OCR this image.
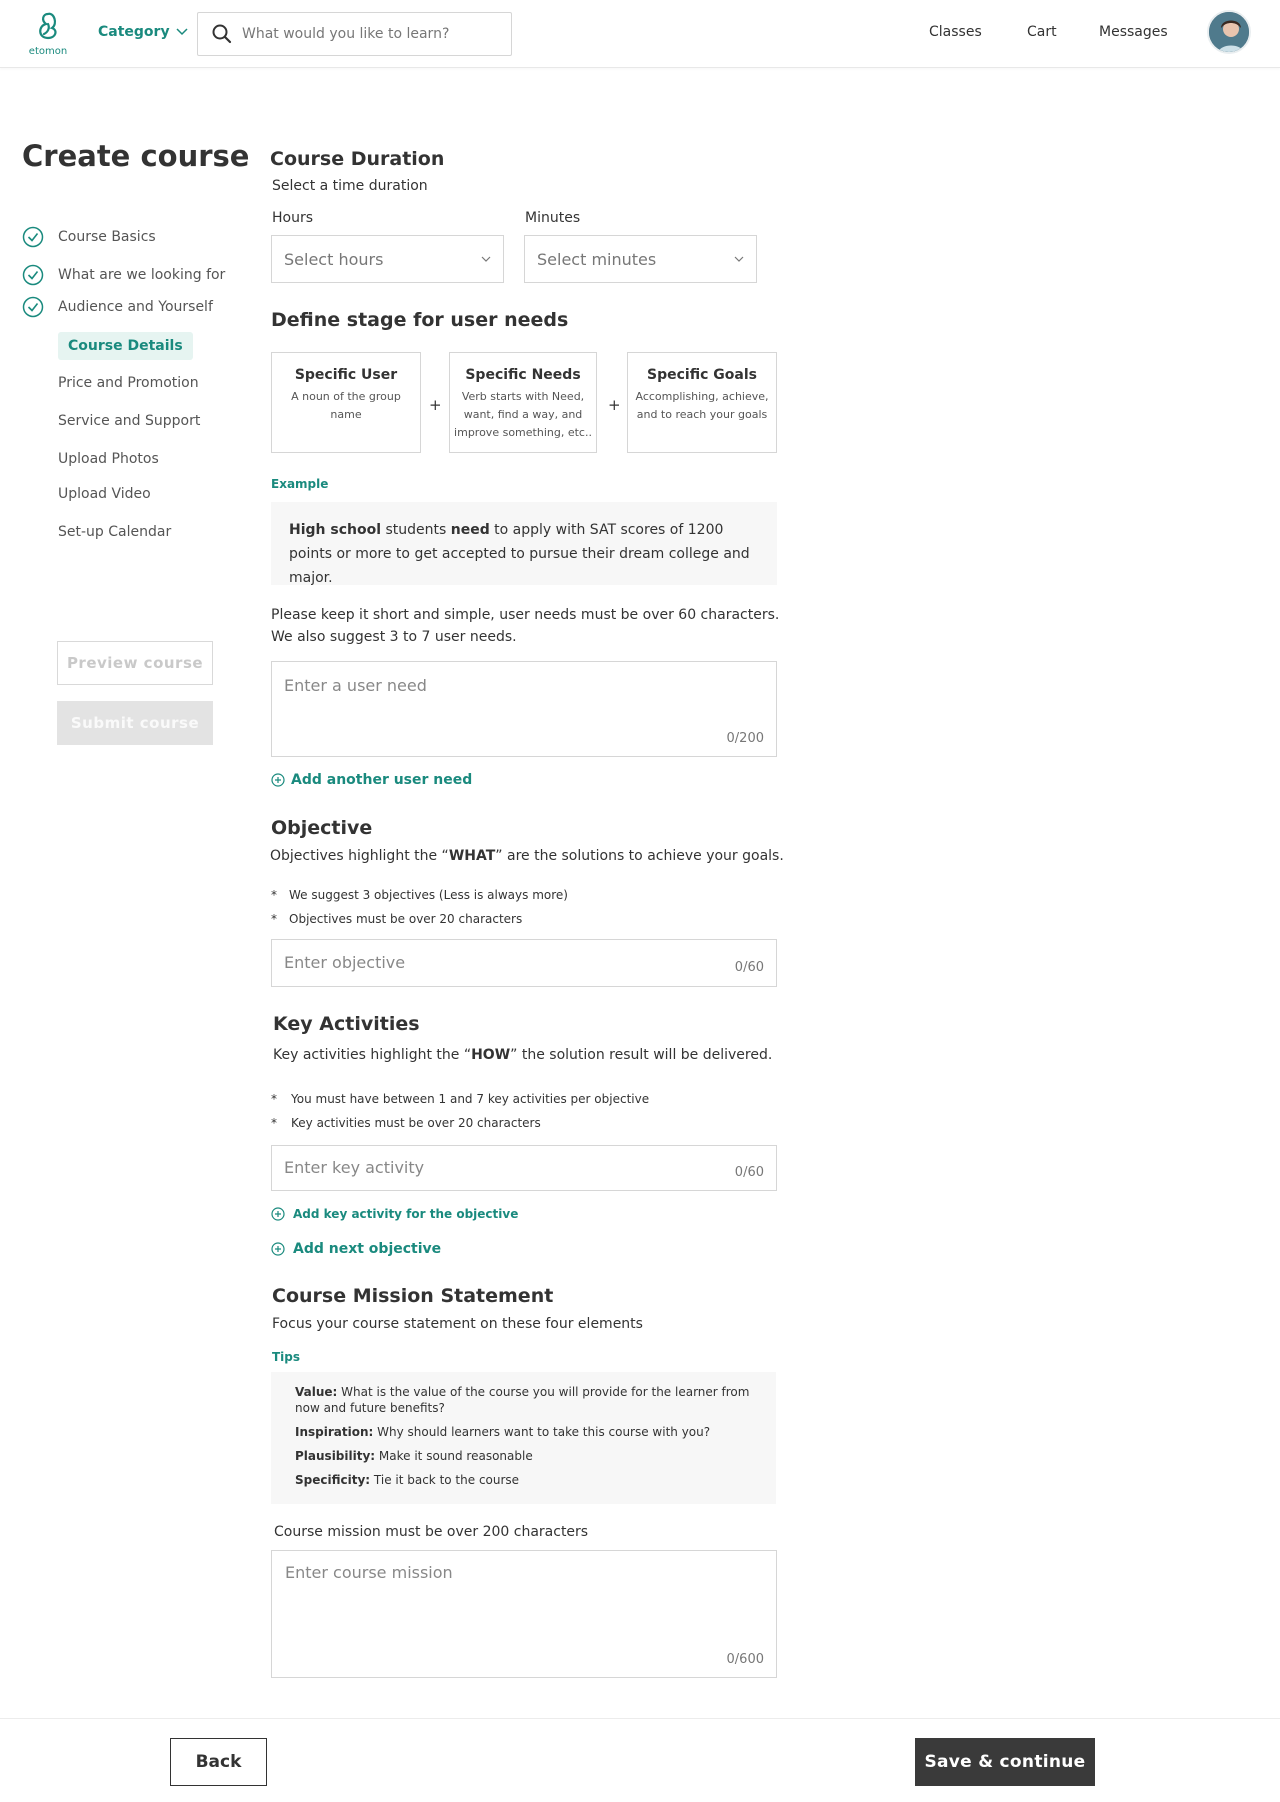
etomon
Category
What would you like to learn?	Classes	Cart	Messages
Create course
Course Basics
What are we looking for
Audience and Yourself
Course Details
Price and Promotion
Service and Support
Upload Photos
Upload Video
Set-up Calendar
Preview course
Submit course
Course Duration
Select a time duration
Hours	Minutes
Select hours	Select minutes
Define stage for user needs
Specific User
A noun of the group name
+
Specific Needs
Verb starts with Need, want, find a way, and improve something, etc..
+
Specific Goals
Accomplishing, achieve, and to reach your goals
Example
High school students need to apply with SAT scores of 1200 points or more to get accepted to pursue their dream college and major.
Please keep it short and simple, user needs must be over 60 characters. We also suggest 3 to 7 user needs.
Enter a user need
0/200
Add another user need
Objective
Objectives highlight the “WHAT” are the solutions to achieve your goals.
* We suggest 3 objectives (Less is always more)
* Objectives must be over 20 characters
Enter objective	0/60
Key Activities
Key activities highlight the “HOW” the solution result will be delivered.
* You must have between 1 and 7 key activities per objective
* Key activities must be over 20 characters
Enter key activity	0/60
Add key activity for the objective
Add next objective
Course Mission Statement
Focus your course statement on these four elements
Tips
Value: What is the value of the course you will provide for the learner from now and future benefits?
Inspiration: Why should learners want to take this course with you?
Plausibility: Make it sound reasonable
Specificity: Tie it back to the course
Course mission must be over 200 characters
Enter course mission
0/600
Back	Save & continue
